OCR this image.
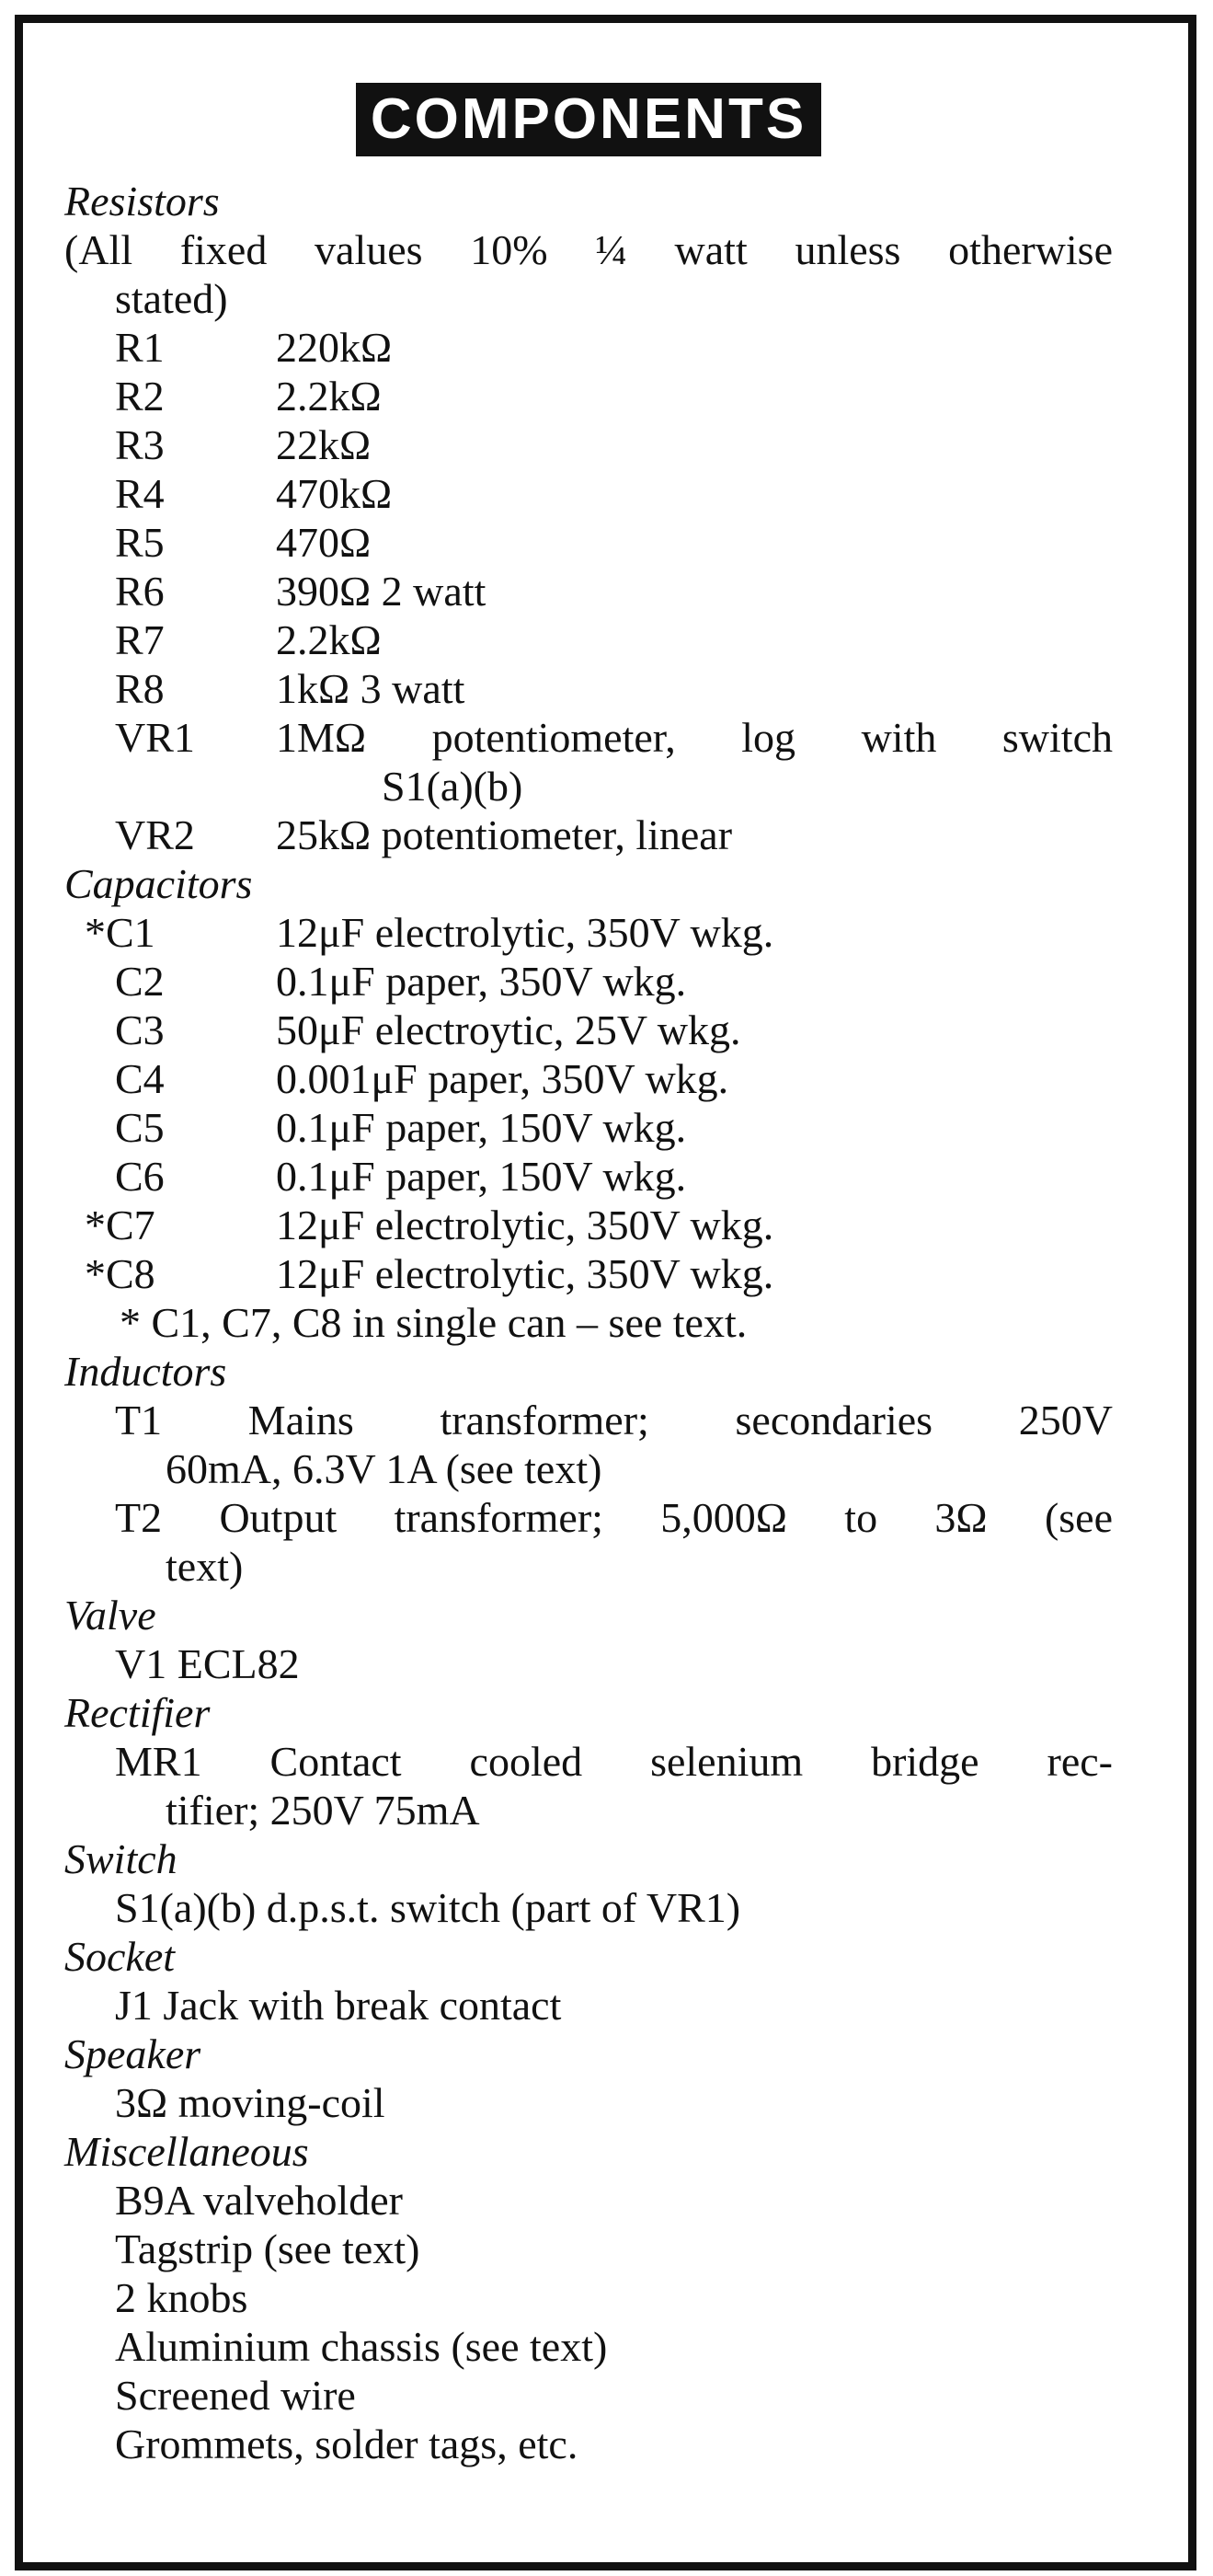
COMPONENTS
Resistors
(All fixed values 10% ¼ watt unless otherwise
stated)
R1	220kΩ
R2	2.2kΩ
R3	22kΩ
R4	470kΩ
R5	470Ω
R6	390Ω 2 watt
R7	2.2kΩ
R8	1kΩ 3 watt
VR1	1MΩ potentiometer, log with switch
S1(a)(b)
VR2	25kΩ potentiometer, linear
Capacitors
*C1	12μF electrolytic, 350V wkg.
C2	0.1μF paper, 350V wkg.
C3	50μF electroytic, 25V wkg.
C4	0.001μF paper, 350V wkg.
C5	0.1μF paper, 150V wkg.
C6	0.1μF paper, 150V wkg.
*C7	12μF electrolytic, 350V wkg.
*C8	12μF electrolytic, 350V wkg.
* C1, C7, C8 in single can – see text.
Inductors
T1 Mains transformer; secondaries 250V
60mA, 6.3V 1A (see text)
T2 Output transformer; 5,000Ω to 3Ω (see
text)
Valve
V1 ECL82
Rectifier
MR1 Contact cooled selenium bridge rec-
tifier; 250V 75mA
Switch
S1(a)(b) d.p.s.t. switch (part of VR1)
Socket
J1 Jack with break contact
Speaker
3Ω moving-coil
Miscellaneous
B9A valveholder
Tagstrip (see text)
2 knobs
Aluminium chassis (see text)
Screened wire
Grommets, solder tags, etc.
